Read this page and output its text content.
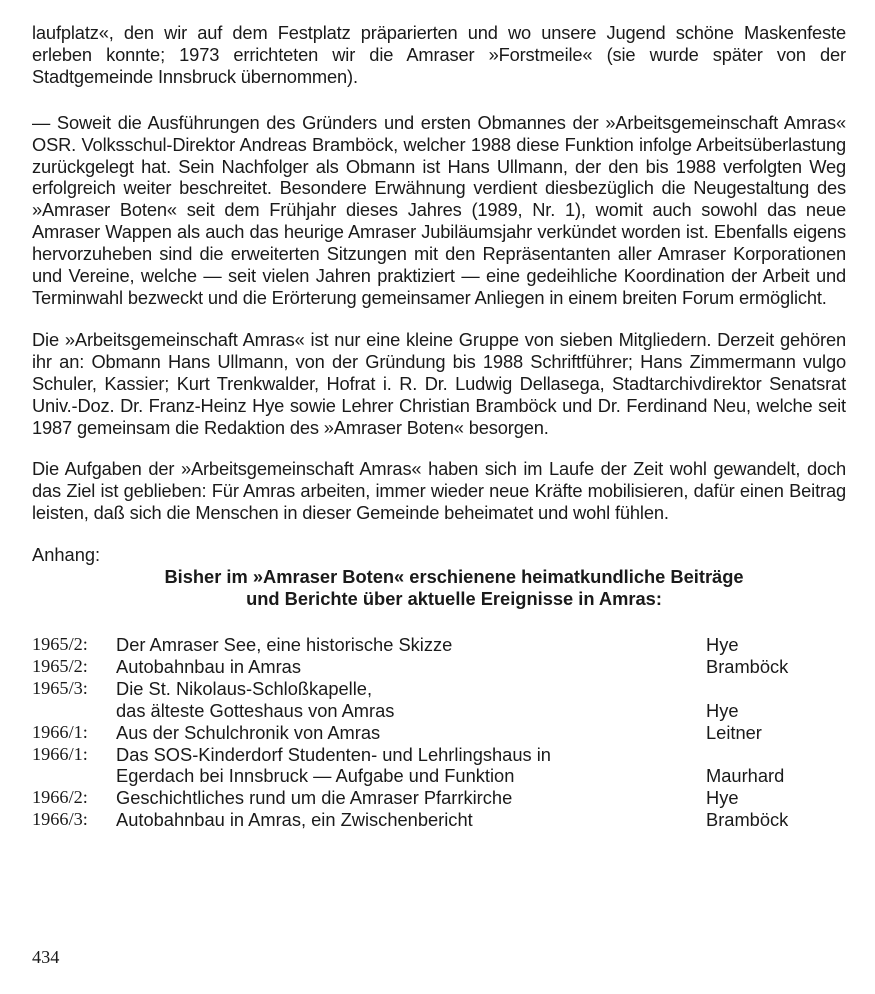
laufplatz«, den wir auf dem Festplatz präparierten und wo unsere Jugend schöne Maskenfeste erleben konnte; 1973 errichteten wir die Amraser »Forstmeile« (sie wurde später von der Stadtgemeinde Innsbruck übernommen).

— Soweit die Ausführungen des Gründers und ersten Obmannes der »Arbeitsgemeinschaft Amras« OSR. Volksschul-Direktor Andreas Bramböck, welcher 1988 diese Funktion infolge Arbeitsüberlastung zurückgelegt hat. Sein Nachfolger als Obmann ist Hans Ullmann, der den bis 1988 verfolgten Weg erfolgreich weiter beschreitet. Besondere Erwähnung verdient diesbezüglich die Neugestaltung des »Amraser Boten« seit dem Frühjahr dieses Jahres (1989, Nr. 1), womit auch sowohl das neue Amraser Wappen als auch das heurige Amraser Jubiläumsjahr verkündet worden ist. Ebenfalls eigens hervorzuheben sind die erweiterten Sitzungen mit den Repräsentanten aller Amraser Korporationen und Vereine, welche — seit vielen Jahren praktiziert — eine gedeihliche Koordination der Arbeit und Terminwahl bezweckt und die Erörterung gemeinsamer Anliegen in einem breiten Forum ermöglicht.

Die »Arbeitsgemeinschaft Amras« ist nur eine kleine Gruppe von sieben Mitgliedern. Derzeit gehören ihr an: Obmann Hans Ullmann, von der Gründung bis 1988 Schriftführer; Hans Zimmermann vulgo Schuler, Kassier; Kurt Trenkwalder, Hofrat i. R. Dr. Ludwig Dellasega, Stadtarchivdirektor Senatsrat Univ.-Doz. Dr. Franz-Heinz Hye sowie Lehrer Christian Bramböck und Dr. Ferdinand Neu, welche seit 1987 gemeinsam die Redaktion des »Amraser Boten« besorgen.

Die Aufgaben der »Arbeitsgemeinschaft Amras« haben sich im Laufe der Zeit wohl gewandelt, doch das Ziel ist geblieben: Für Amras arbeiten, immer wieder neue Kräfte mobilisieren, dafür einen Beitrag leisten, daß sich die Menschen in dieser Gemeinde beheimatet und wohl fühlen.

Anhang:

Bisher im »Amraser Boten« erschienene heimatkundliche Beiträge
und Berichte über aktuelle Ereignisse in Amras:
1965/2:	Der Amraser See, eine historische Skizze	Hye
1965/2:	Autobahnbau in Amras	Bramböck
1965/3:	Die St. Nikolaus-Schloßkapelle,	
	das älteste Gotteshaus von Amras	Hye
1966/1:	Aus der Schulchronik von Amras	Leitner
1966/1:	Das SOS-Kinderdorf Studenten- und Lehrlingshaus in	
	Egerdach bei Innsbruck — Aufgabe und Funktion	Maurhard
1966/2:	Geschichtliches rund um die Amraser Pfarrkirche	Hye
1966/3:	Autobahnbau in Amras, ein Zwischenbericht	Bramböck
434
